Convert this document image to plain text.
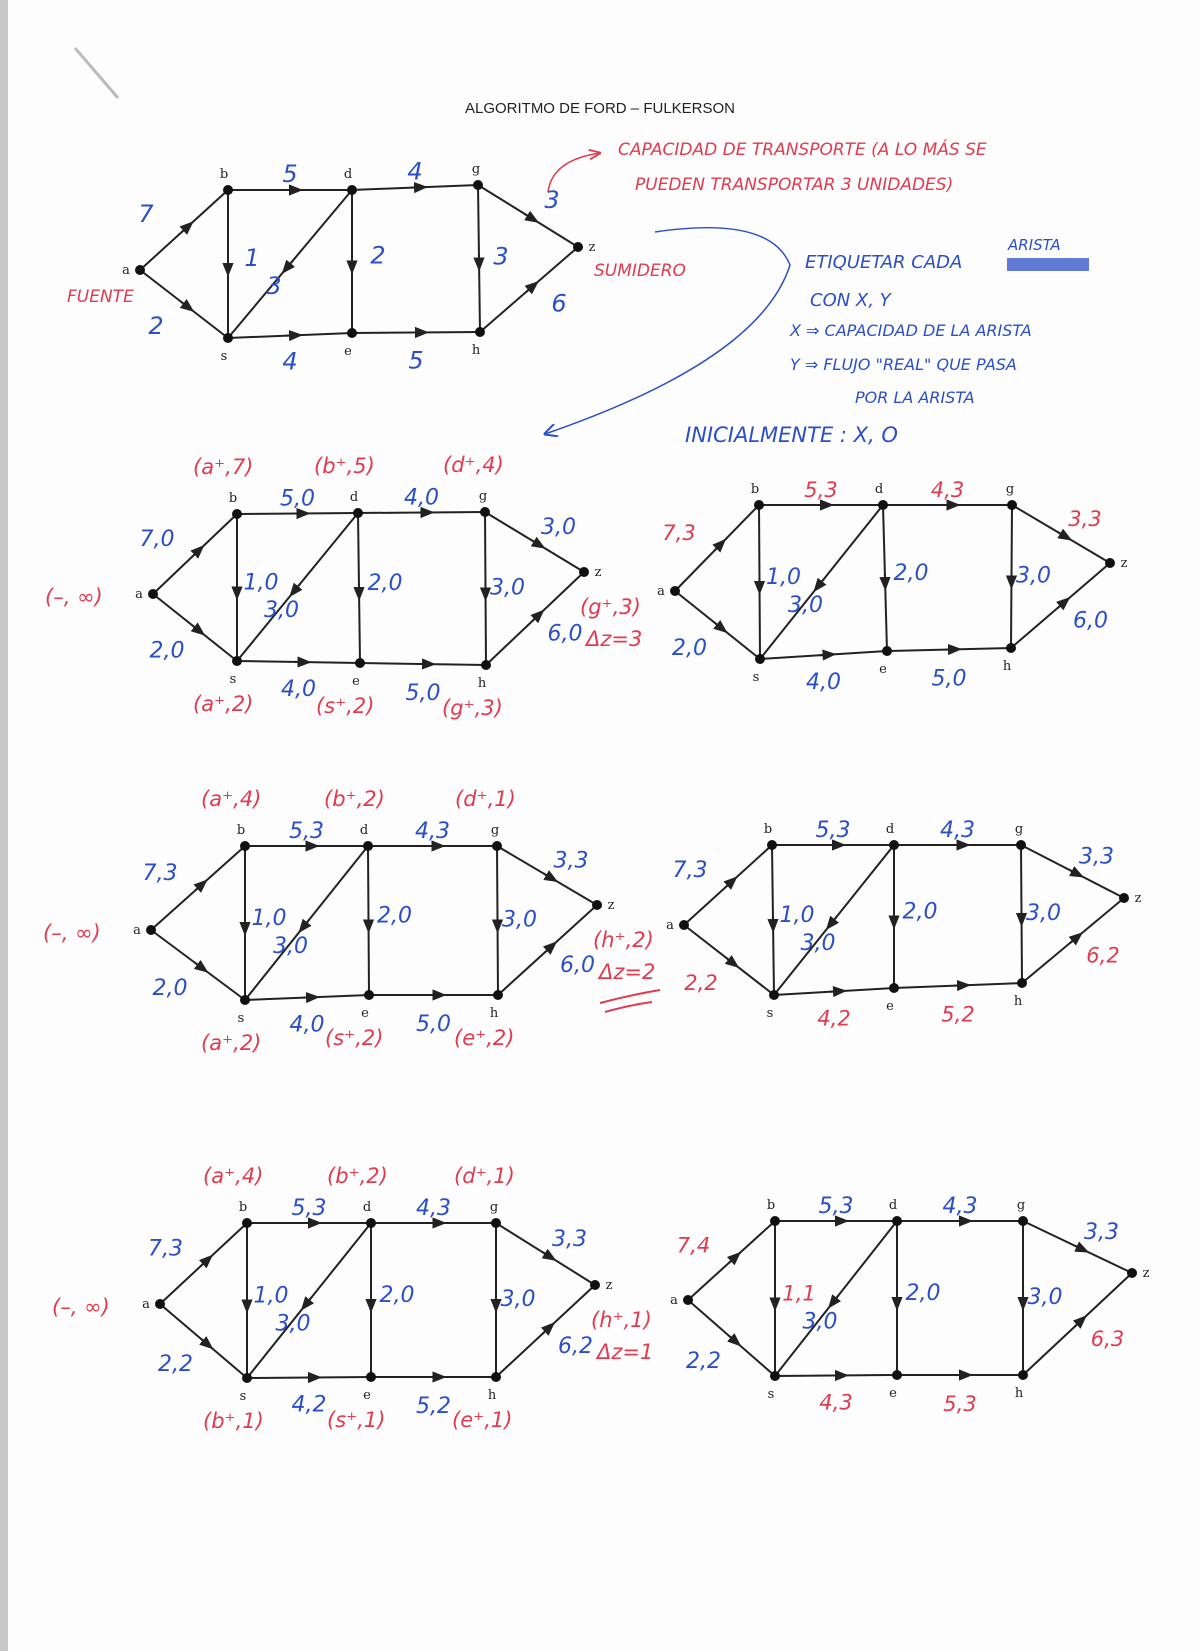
ALGORITMO DE FORD – FULKERSON
FUENTE
SUMIDERO
CAPACIDAD DE TRANSPORTE (A LO MÁS SE
PUEDEN TRANSPORTAR 3 UNIDADES)
ETIQUETAR CADA
ARISTA
CON X, Y
X ⇒ CAPACIDAD DE LA ARISTA
Y ⇒ FLUJO "REAL" QUE PASA
POR LA ARISTA
INICIALMENTE : X, O
7
2
5
1
3
4
2
4	5
3
3
6
a
b	d	g
z
s	e	h
7,0
2,0
5,0
1,0
3,0
4,0
2,0
4,0	5,0
3,0
3,0
6,0
a
b	d	g
z
s	e	h
(–, ∞)
(a⁺,7)	(b⁺,5)	(d⁺,4)
(a⁺,2)	(s⁺,2)	(g⁺,3)
(g⁺,3)
Δz=3
7,3
2,0
5,3
1,0
3,0
4,3
2,0
4,0	5,0
3,0
3,3
6,0
a
b	d	g
z
s
e	h
7,3
2,0
5,3
1,0
3,0
4,3
2,0
4,0	5,0
3,0
3,3
6,0
a
b	d	g
z
s	e	h
(–, ∞)
(a⁺,4)	(b⁺,2)	(d⁺,1)
(a⁺,2)	(s⁺,2)	(e⁺,2)
(h⁺,2)
Δz=2
7,3
2,2
5,3
1,0
3,0
4,3
2,0
4,2	5,2
3,0
3,3
6,2
a
b	d	g
z
s	e	h
7,3
2,2
5,3
1,0
3,0
4,3
2,0
4,2	5,2
3,0
3,3
6,2
a
b	d	g
z
s	e	h
(–, ∞)
(a⁺,4)	(b⁺,2)	(d⁺,1)
(b⁺,1)	(s⁺,1)	(e⁺,1)
(h⁺,1)
Δz=1
7,4
2,2
5,3
1,1
3,0
4,3
2,0
4,3	5,3
3,0
3,3
6,3
a
b	d	g
z
s	e	h
